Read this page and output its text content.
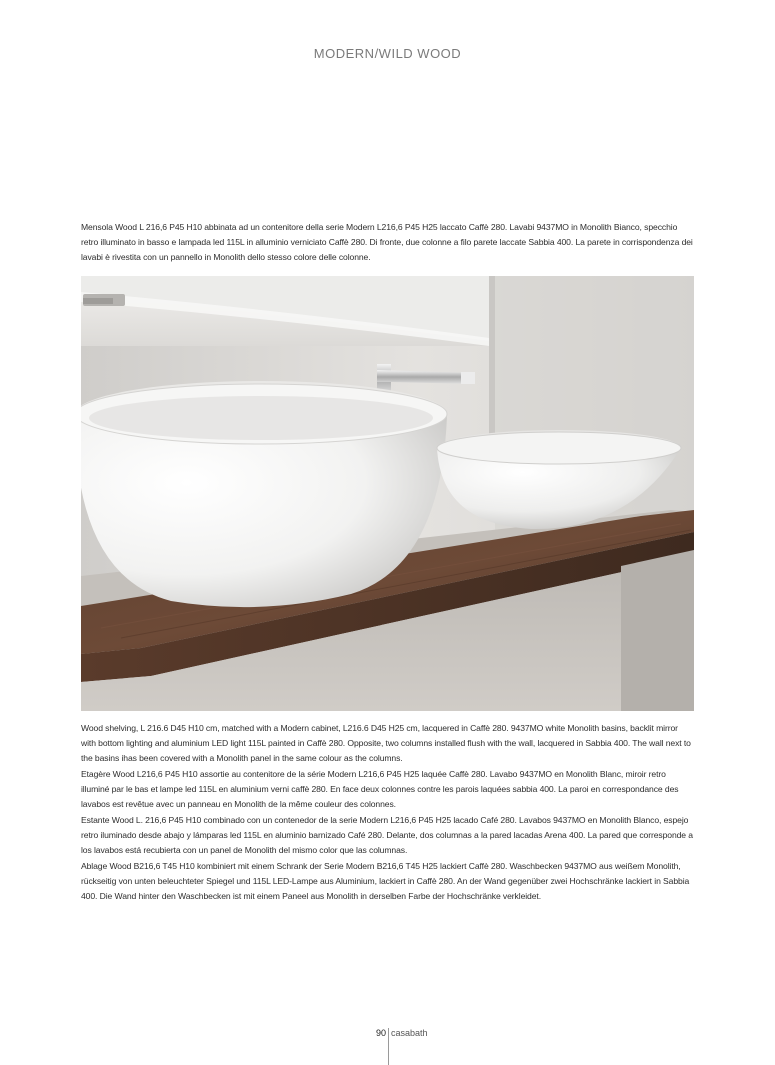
MODERN/WILD WOOD

Mensola Wood L 216,6 P45 H10 abbinata ad un contenitore della serie Modern L216,6 P45 H25 laccato Caffè 280. Lavabi 9437MO in Monolith Bianco, specchio retro illuminato in basso e lampada led 115L in alluminio verniciato Caffè 280. Di fronte, due colonne a filo parete laccate Sabbia 400. La parete in corrispondenza dei lavabi è rivestita con un pannello in Monolith dello stesso colore delle colonne.

Wood shelving, L 216.6 D45 H10 cm, matched with a Modern cabinet, L216.6 D45 H25 cm, lacquered in Caffè 280. 9437MO white Monolith basins, backlit mirror with bottom lighting and aluminium LED light 115L painted in Caffè 280. Opposite, two columns installed flush with the wall, lacquered in Sabbia 400. The wall next to the basins ihas been covered with a Monolith panel in the same colour as the columns.

Etagère Wood L216,6 P45 H10 assortie au contenitore de la série Modern L216,6 P45 H25 laquée Caffè 280. Lavabo 9437MO en Monolith Blanc, miroir retro illuminé par le bas et lampe led 115L en aluminium verni caffè 280. En face deux colonnes contre les parois laquées sabbia 400. La paroi en correspondance des lavabos est revêtue avec un panneau en Monolith de la même couleur des colonnes.

Estante Wood L. 216,6 P45 H10 combinado con un contenedor de la serie Modern L216,6 P45 H25 lacado Café 280. Lavabos 9437MO en Monolith Blanco, espejo retro iluminado desde abajo y lámparas led 115L en aluminio barnizado Café 280. Delante, dos columnas a la pared lacadas Arena 400. La pared que corresponde a los lavabos está recubierta con un panel de Monolith del mismo color que las columnas.

Ablage Wood B216,6 T45 H10 kombiniert mit einem Schrank der Serie Modern B216,6 T45 H25 lackiert Caffè 280. Waschbecken 9437MO aus weißem Monolith, rückseitig von unten beleuchteter Spiegel und 115L LED-Lampe aus Aluminium, lackiert in Caffè 280. An der Wand gegenüber zwei Hochschränke lackiert in Sabbia 400. Die Wand hinter den Waschbecken ist mit einem Paneel aus Monolith in derselben Farbe der Hochschränke verkleidet.

90 casabath
